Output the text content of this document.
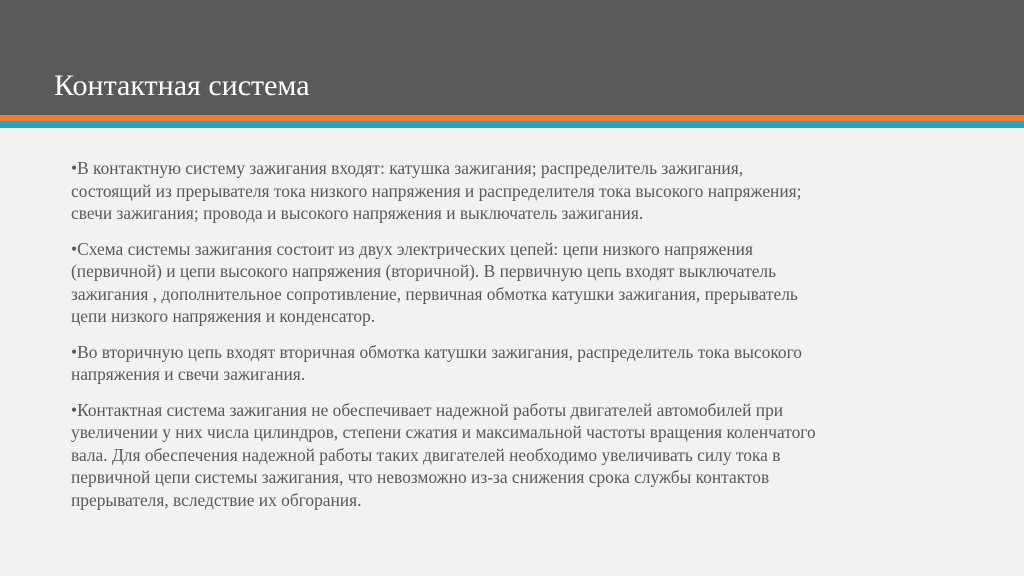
Контактная система

•В контактную систему зажигания входят: катушка зажигания; распределитель зажигания,
состоящий из прерывателя тока низкого напряжения и распределителя тока высокого напряжения;
свечи зажигания; провода и высокого напряжения и выключатель зажигания.

•Схема системы зажигания состоит из двух электрических цепей: цепи низкого напряжения
(первичной) и цепи высокого напряжения (вторичной). В первичную цепь входят выключатель
зажигания , дополнительное сопротивление, первичная обмотка катушки зажигания, прерыватель
цепи низкого напряжения и конденсатор.

•Во вторичную цепь входят вторичная обмотка катушки зажигания, распределитель тока высокого
напряжения и свечи зажигания.

•Контактная система зажигания не обеспечивает надежной работы двигателей автомобилей при
увеличении у них числа цилиндров, степени сжатия и максимальной частоты вращения коленчатого
вала. Для обеспечения надежной работы таких двигателей необходимо увеличивать силу тока в
первичной цепи системы зажигания, что невозможно из-за снижения срока службы контактов
прерывателя, вследствие их обгорания.
